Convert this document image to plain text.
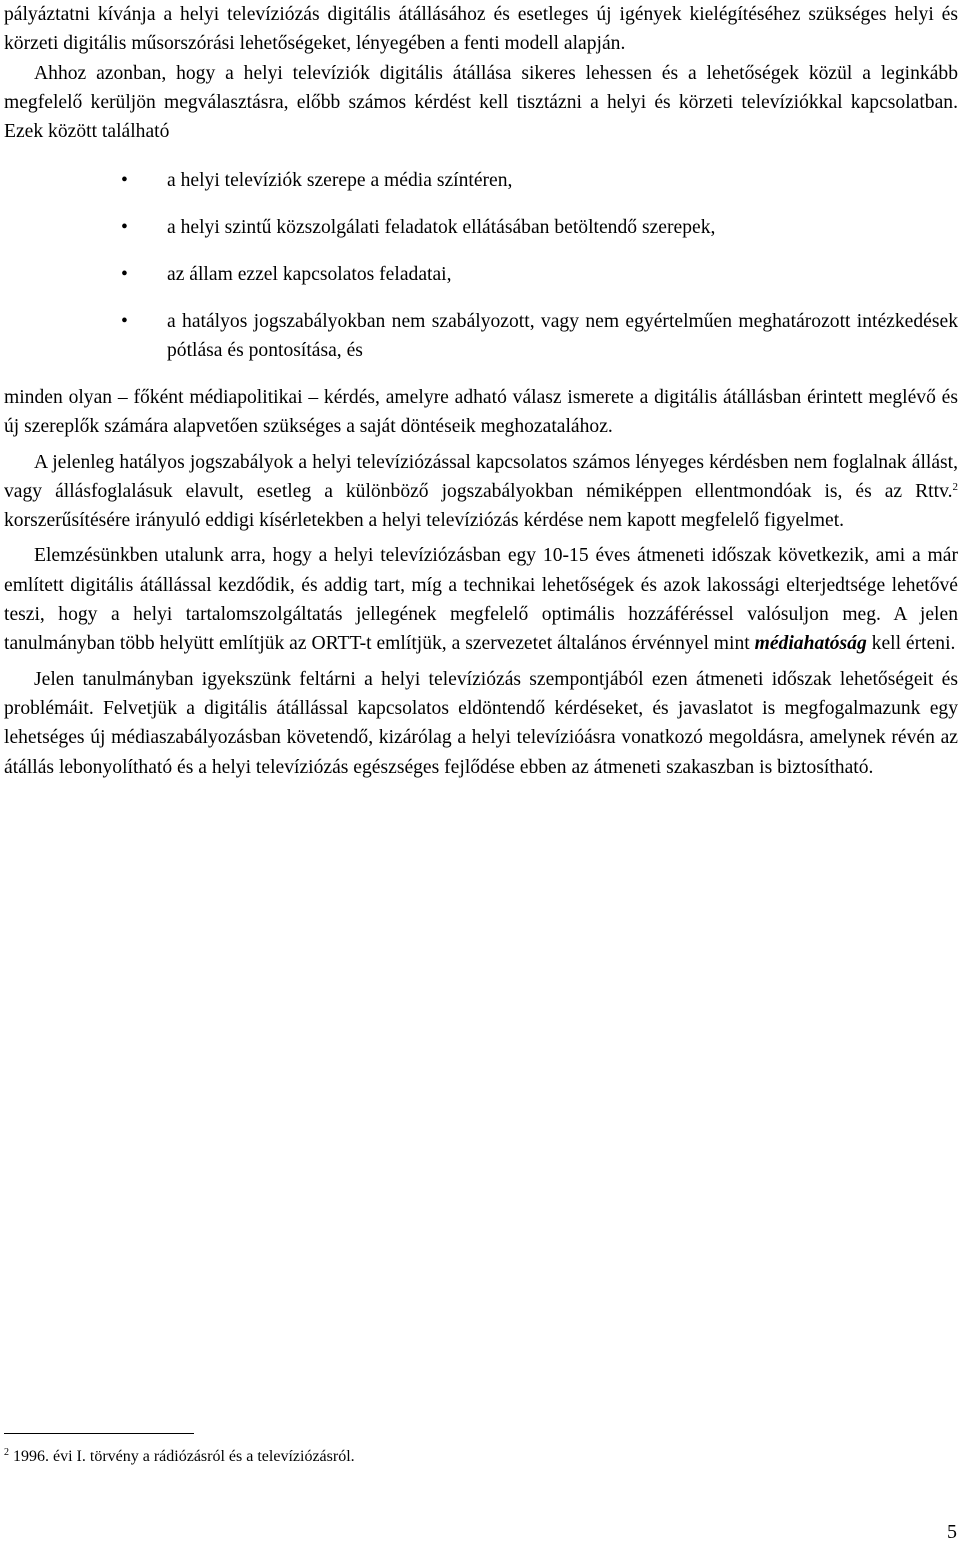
pályáztatni kívánja a helyi televíziózás digitális átállásához és esetleges új igények kielégítéséhez szükséges helyi és körzeti digitális műsorszórási lehetőségeket, lényegében a fenti modell alapján.

Ahhoz azonban, hogy a helyi televíziók digitális átállása sikeres lehessen és a lehetőségek közül a leginkább megfelelő kerüljön megválasztásra, előbb számos kérdést kell tisztázni a helyi és körzeti televíziókkal kapcsolatban. Ezek között található

• a helyi televíziók szerepe a média színtéren,
• a helyi szintű közszolgálati feladatok ellátásában betöltendő szerepek,
• az állam ezzel kapcsolatos feladatai,
• a hatályos jogszabályokban nem szabályozott, vagy nem egyértelműen meghatározott intézkedések pótlása és pontosítása, és

minden olyan – főként médiapolitikai – kérdés, amelyre adható válasz ismerete a digitális átállásban érintett meglévő és új szereplők számára alapvetően szükséges a saját döntéseik meghozatalához.

A jelenleg hatályos jogszabályok a helyi televíziózással kapcsolatos számos lényeges kérdésben nem foglalnak állást, vagy állásfoglalásuk elavult, esetleg a különböző jogszabályokban némiképpen ellentmondóak is, és az Rttv.$^2$ korszerűsítésére irányuló eddigi kísérletekben a helyi televíziózás kérdése nem kapott megfelelő figyelmet.

Elemzésünkben utalunk arra, hogy a helyi televíziózásban egy 10-15 éves átmeneti időszak következik, ami a már említett digitális átállással kezdődik, és addig tart, míg a technikai lehetőségek és azok lakossági elterjedtsége lehetővé teszi, hogy a helyi tartalomszolgáltatás jellegének megfelelő optimális hozzáféréssel valósuljon meg. A jelen tanulmányban több helyütt említjük az ORTT-t említjük, a szervezetet általános érvénnyel mint médiahatóság kell érteni.

Jelen tanulmányban igyekszünk feltárni a helyi televíziózás szempontjából ezen átmeneti időszak lehetőségeit és problémáit. Felvetjük a digitális átállással kapcsolatos eldöntendő kérdéseket, és javaslatot is megfogalmazunk egy lehetséges új médiaszabályozásban követendő, kizárólag a helyi televízióásra vonatkozó megoldásra, amelynek révén az átállás lebonyolítható és a helyi televíziózás egészséges fejlődése ebben az átmeneti szakaszban is biztosítható.

$^2$ 1996. évi I. törvény a rádiózásról és a televíziózásról.
5
